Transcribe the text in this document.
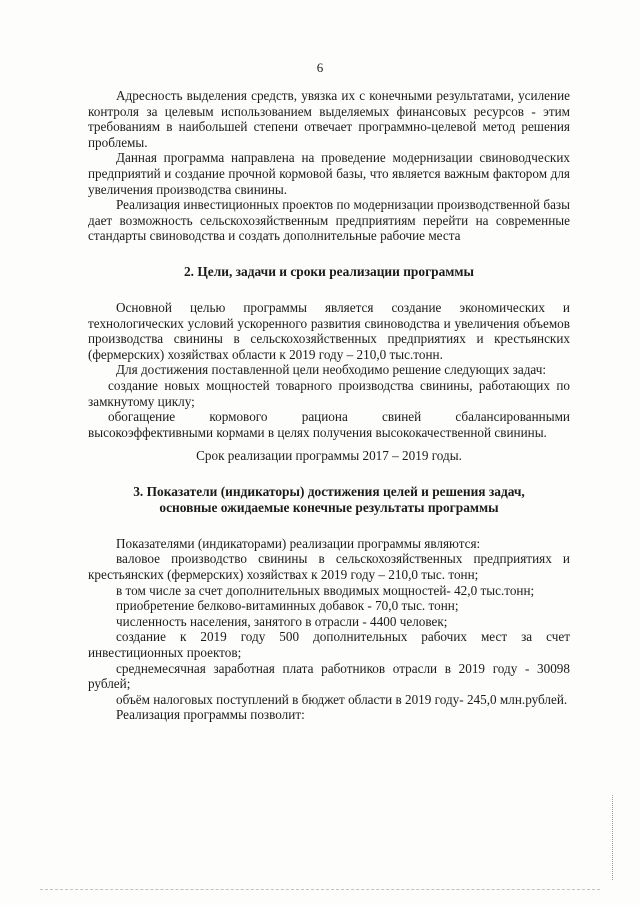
6

Адресность выделения средств, увязка их с конечными результатами, усиление контроля за целевым использованием выделяемых финансовых ресурсов - этим требованиям в наибольшей степени отвечает программно-целевой метод решения проблемы.

Данная программа направлена на проведение модернизации свиноводческих предприятий и создание прочной кормовой базы, что является важным фактором для увеличения производства свинины.

Реализация инвестиционных проектов по модернизации производственной базы дает возможность сельскохозяйственным предприятиям перейти на современные стандарты свиноводства и создать дополнительные рабочие места

2. Цели, задачи и сроки реализации программы

Основной целью программы является создание экономических и технологических условий ускоренного развития свиноводства и увеличения объемов производства свинины в сельскохозяйственных предприятиях и крестьянских (фермерских) хозяйствах области к 2019 году – 210,0 тыс.тонн.

Для достижения поставленной цели необходимо решение следующих задач:

создание новых мощностей товарного производства свинины, работающих по замкнутому циклу;

обогащение кормового рациона свиней сбалансированными высокоэффективными кормами в целях получения высококачественной свинины.

Срок реализации программы 2017 – 2019 годы.

3. Показатели (индикаторы) достижения целей и решения задач,
основные ожидаемые конечные результаты программы

Показателями (индикаторами) реализации программы являются:

валовое производство свинины в сельскохозяйственных предприятиях и крестьянских (фермерских) хозяйствах к 2019 году – 210,0 тыс. тонн;

в том числе за счет дополнительных вводимых мощностей- 42,0 тыс.тонн;

приобретение белково-витаминных добавок - 70,0 тыс. тонн;

численность населения, занятого в отрасли - 4400 человек;

создание к 2019 году 500 дополнительных рабочих мест за счет инвестиционных проектов;

среднемесячная заработная плата работников отрасли в 2019 году - 30098 рублей;

объём налоговых поступлений в бюджет области в 2019 году- 245,0 млн.рублей.

Реализация программы позволит:
